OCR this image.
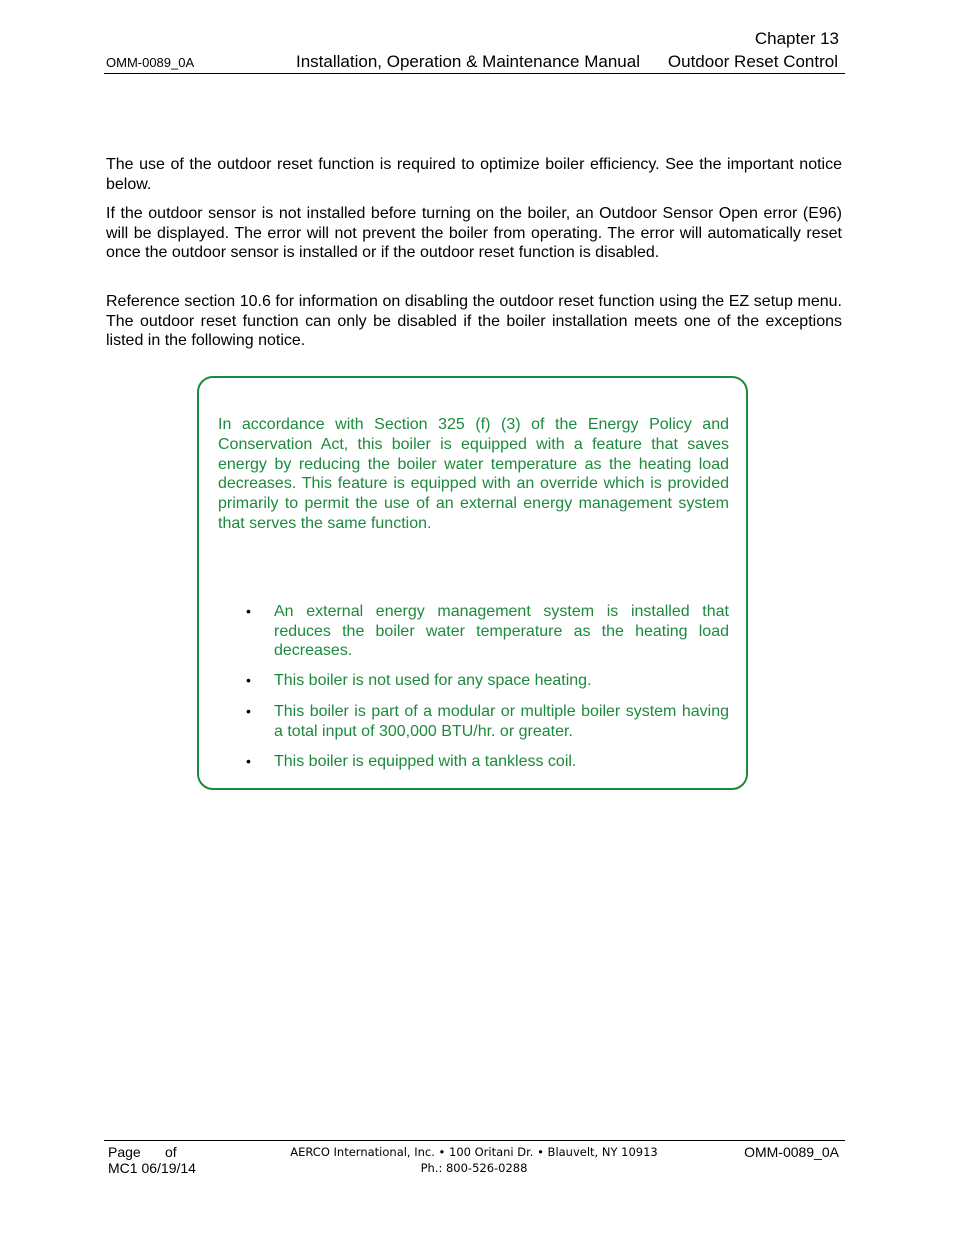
Chapter 13
OMM-0089_0A	Installation, Operation & Maintenance Manual Outdoor Reset Control
The use of the outdoor reset function is required to optimize boiler efficiency. See the important notice below.
If the outdoor sensor is not installed before turning on the boiler, an Outdoor Sensor Open error (E96) will be displayed. The error will not prevent the boiler from operating. The error will automatically reset once the outdoor sensor is installed or if the outdoor reset function is disabled.
Reference section 10.6 for information on disabling the outdoor reset function using the EZ setup menu. The outdoor reset function can only be disabled if the boiler installation meets one of the exceptions listed in the following notice.
In accordance with Section 325 (f) (3) of the Energy Policy and Conservation Act, this boiler is equipped with a feature that saves energy by reducing the boiler water temperature as the heating load decreases. This feature is equipped with an override which is provided primarily to permit the use of an external energy management system that serves the same function.
• An external energy management system is installed that reduces the boiler water temperature as the heating load decreases.
• This boiler is not used for any space heating.
• This boiler is part of a modular or multiple boiler system having a total input of 300,000 BTU/hr. or greater.
• This boiler is equipped with a tankless coil.
Page of
MC1 06/19/14
AERCO International, Inc. • 100 Oritani Dr. • Blauvelt, NY 10913
Ph.: 800-526-0288
OMM-0089_0A
